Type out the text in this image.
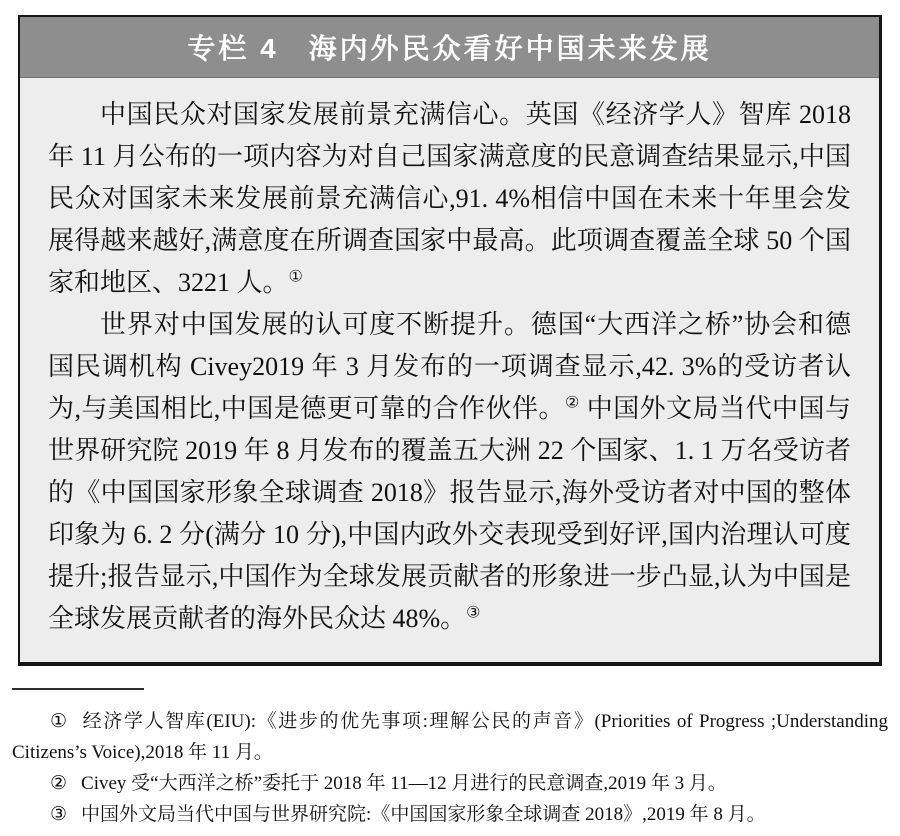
专栏 4 海内外民众看好中国未来发展

中国民众对国家发展前景充满信心。英国《经济学人》智库 2018 年 11 月公布的一项内容为对自己国家满意度的民意调查结果显示,中国民众对国家未来发展前景充满信心,91. 4%相信中国在未来十年里会发展得越来越好,满意度在所调查国家中最高。此项调查覆盖全球 50 个国家和地区、3221 人。①

世界对中国发展的认可度不断提升。德国“大西洋之桥”协会和德国民调机构 Civey2019 年 3 月发布的一项调查显示,42. 3%的受访者认为,与美国相比,中国是德更可靠的合作伙伴。② 中国外文局当代中国与世界研究院 2019 年 8 月发布的覆盖五大洲 22 个国家、1. 1 万名受访者的《中国国家形象全球调查 2018》报告显示,海外受访者对中国的整体印象为 6. 2 分(满分 10 分),中国内政外交表现受到好评,国内治理认可度提升;报告显示,中国作为全球发展贡献者的形象进一步凸显,认为中国是全球发展贡献者的海外民众达 48%。③

① 经济学人智库(EIU):《进步的优先事项:理解公民的声音》(Priorities of Progress ;Understanding Citizens’s Voice),2018 年 11 月。

② Civey 受“大西洋之桥”委托于 2018 年 11—12 月进行的民意调查,2019 年 3 月。

③ 中国外文局当代中国与世界研究院:《中国国家形象全球调查 2018》,2019 年 8 月。
